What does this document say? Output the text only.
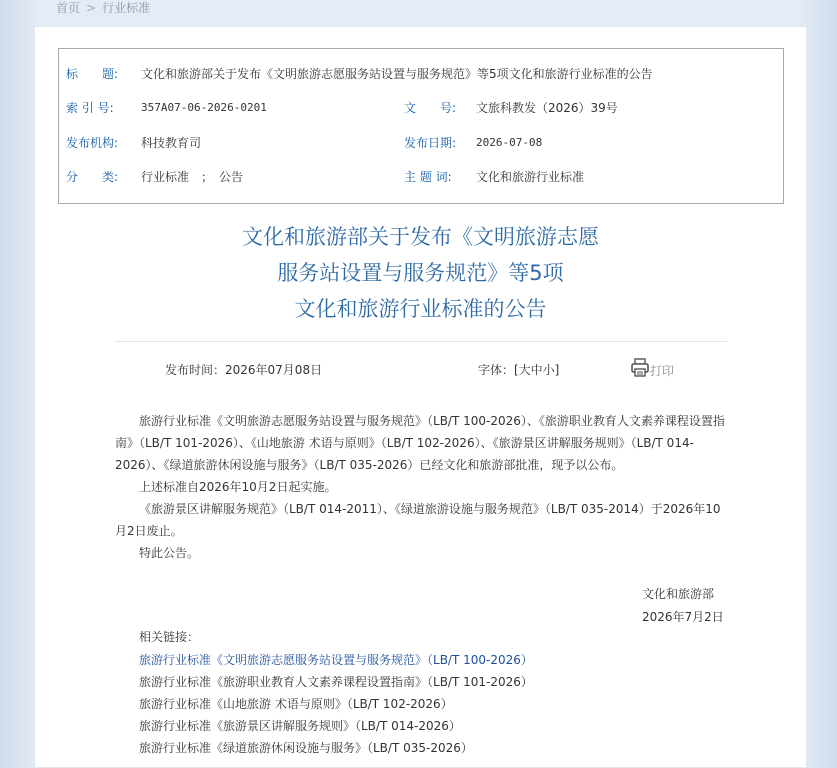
首页 > 行业标准
标　　题: 文化和旅游部关于发布《文明旅游志愿服务站设置与服务规范》等5项文化和旅游行业标准的公告
索 引 号: 357A07-06-2026-0201	文　　号: 文旅科教发（2026）39号
发布机构: 科技教育司	发布日期: 2026-07-08
分　　类: 行业标准　；　公告	主 题 词: 文化和旅游行业标准
文化和旅游部关于发布《文明旅游志愿
服务站设置与服务规范》等5项
文化和旅游行业标准的公告
发布时间：2026年07月08日	字体：[大中小]	打印

旅游行业标准《文明旅游志愿服务站设置与服务规范》（LB/T 100-2026）、《旅游职业教育人文素养课程设置指南》（LB/T 101-2026）、《山地旅游 术语与原则》（LB/T 102-2026）、《旅游景区讲解服务规则》（LB/T 014-2026）、《绿道旅游休闲设施与服务》（LB/T 035-2026）已经文化和旅游部批准，现予以公布。

上述标准自2026年10月2日起实施。

《旅游景区讲解服务规范》（LB/T 014-2011）、《绿道旅游设施与服务规范》（LB/T 035-2014）于2026年10月2日废止。

特此公告。

文化和旅游部
2026年7月2日
相关链接：
旅游行业标准《文明旅游志愿服务站设置与服务规范》（LB/T 100-2026）
旅游行业标准《旅游职业教育人文素养课程设置指南》（LB/T 101-2026）
旅游行业标准《山地旅游 术语与原则》（LB/T 102-2026）
旅游行业标准《旅游景区讲解服务规则》（LB/T 014-2026）
旅游行业标准《绿道旅游休闲设施与服务》（LB/T 035-2026）
